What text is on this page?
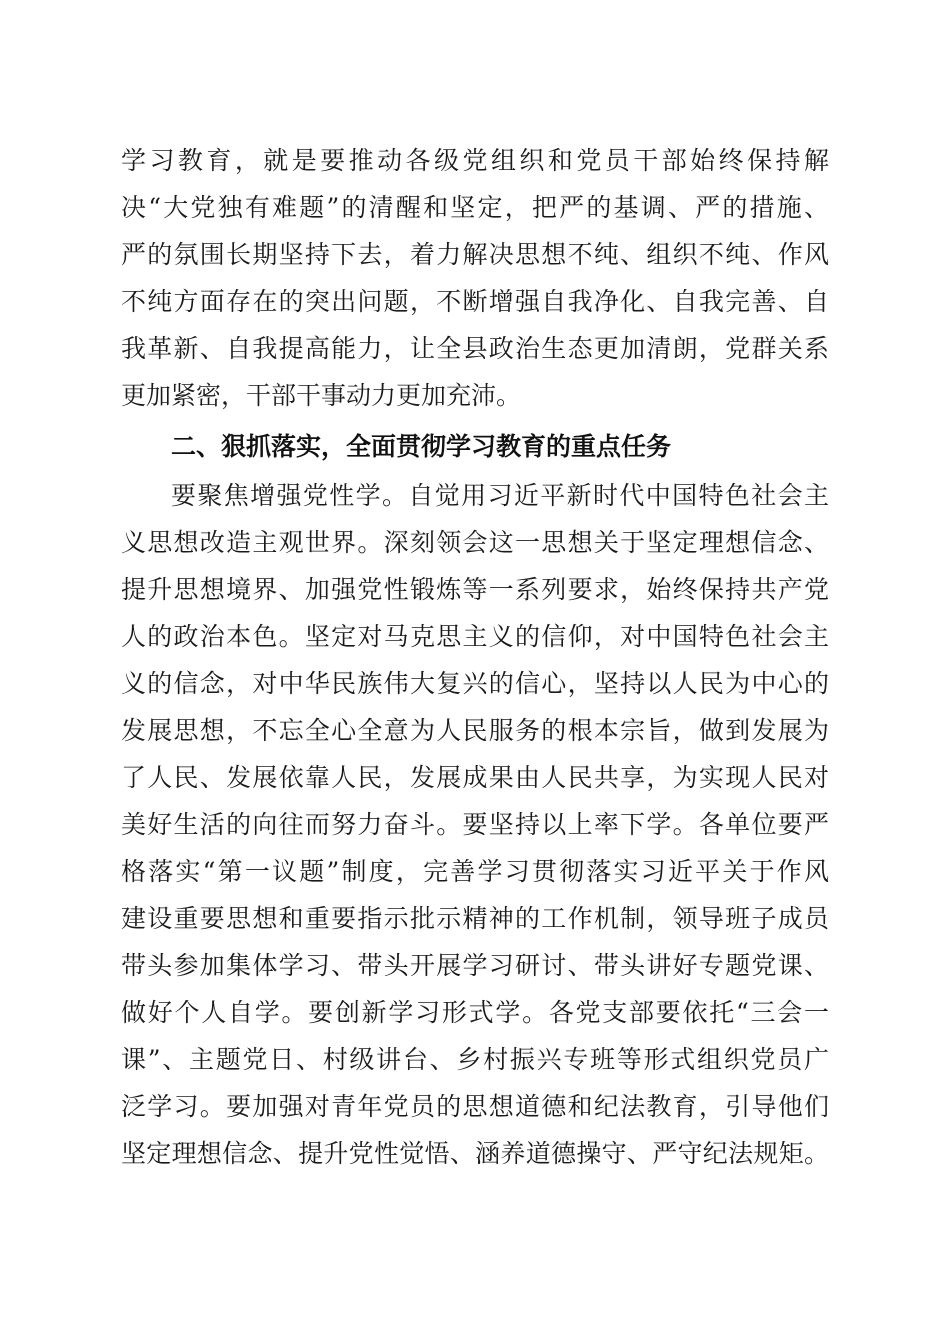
学习教育，就是要推动各级党组织和党员干部始终保持解
决“大党独有难题”的清醒和坚定，把严的基调、严的措施、
严的氛围长期坚持下去，着力解决思想不纯、组织不纯、作风
不纯方面存在的突出问题，不断增强自我净化、自我完善、自
我革新、自我提高能力，让全县政治生态更加清朗，党群关系
更加紧密，干部干事动力更加充沛。
二、狠抓落实，全面贯彻学习教育的重点任务
要聚焦增强党性学。自觉用习近平新时代中国特色社会主
义思想改造主观世界。深刻领会这一思想关于坚定理想信念、
提升思想境界、加强党性锻炼等一系列要求，始终保持共产党
人的政治本色。坚定对马克思主义的信仰，对中国特色社会主
义的信念，对中华民族伟大复兴的信心，坚持以人民为中心的
发展思想，不忘全心全意为人民服务的根本宗旨，做到发展为
了人民、发展依靠人民，发展成果由人民共享，为实现人民对
美好生活的向往而努力奋斗。要坚持以上率下学。各单位要严
格落实“第一议题”制度，完善学习贯彻落实习近平关于作风
建设重要思想和重要指示批示精神的工作机制，领导班子成员
带头参加集体学习、带头开展学习研讨、带头讲好专题党课、
做好个人自学。要创新学习形式学。各党支部要依托“三会一
课”、主题党日、村级讲台、乡村振兴专班等形式组织党员广
泛学习。要加强对青年党员的思想道德和纪法教育，引导他们
坚定理想信念、提升党性觉悟、涵养道德操守、严守纪法规矩。
